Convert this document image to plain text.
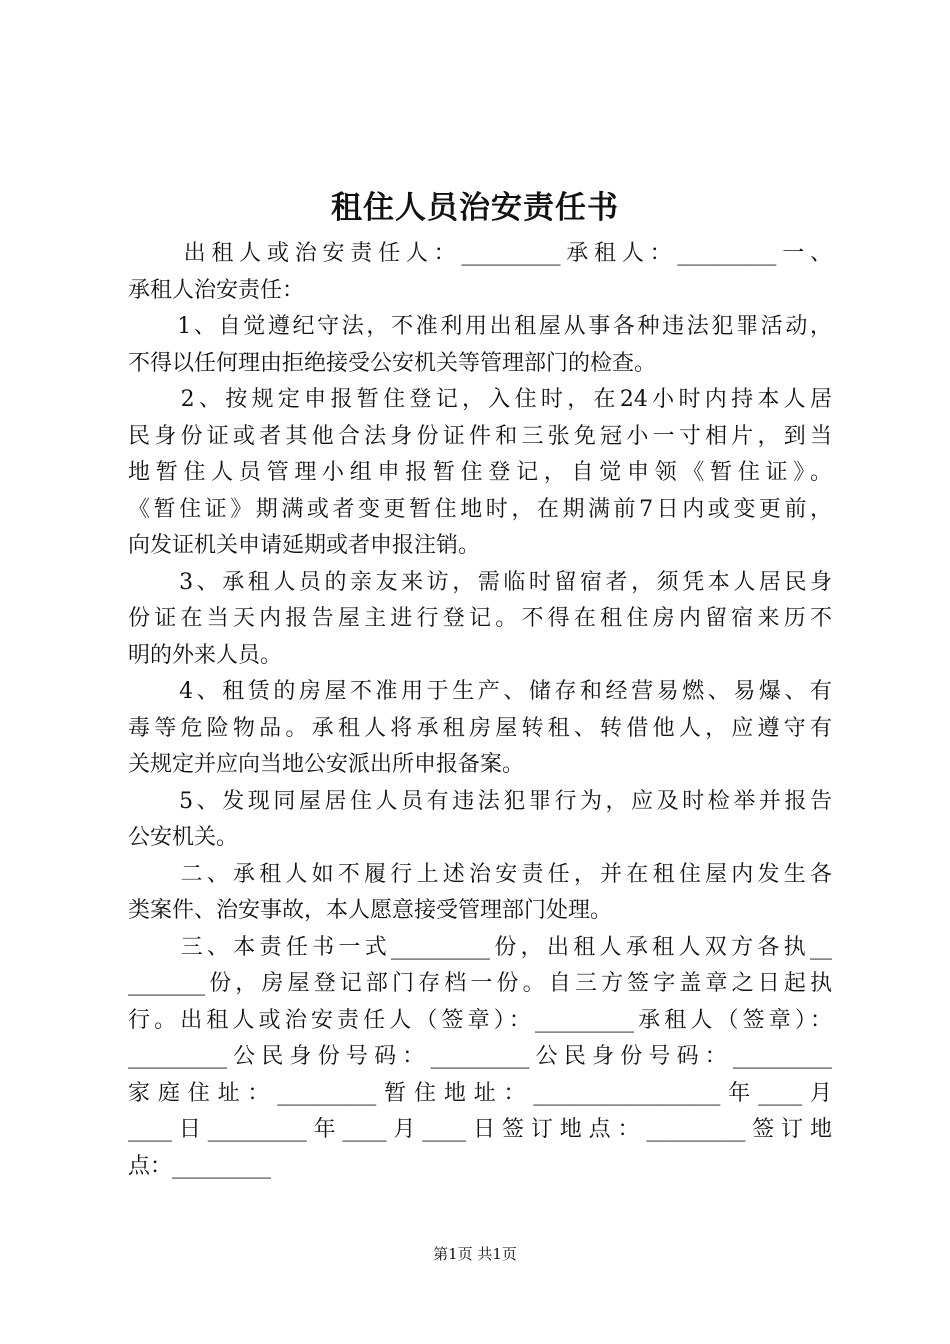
租住人员治安责任书
　　出租人或治安责任人：_________承租人：_________一、
承租人治安责任：
　　1、自觉遵纪守法，不准利用出租屋从事各种违法犯罪活动，
不得以任何理由拒绝接受公安机关等管理部门的检查。
　　2、按规定申报暂住登记，入住时，在24小时内持本人居
民身份证或者其他合法身份证件和三张免冠小一寸相片，到当
地暂住人员管理小组申报暂住登记，自觉申领《暂住证》。
《暂住证》期满或者变更暂住地时，在期满前7日内或变更前，
向发证机关申请延期或者申报注销。
　　3、承租人员的亲友来访，需临时留宿者，须凭本人居民身
份证在当天内报告屋主进行登记。不得在租住房内留宿来历不
明的外来人员。
　　4、租赁的房屋不准用于生产、储存和经营易燃、易爆、有
毒等危险物品。承租人将承租房屋转租、转借他人，应遵守有
关规定并应向当地公安派出所申报备案。
　　5、发现同屋居住人员有违法犯罪行为，应及时检举并报告
公安机关。
　　二、承租人如不履行上述治安责任，并在租住屋内发生各
类案件、治安事故，本人愿意接受管理部门处理。
　　三、本责任书一式_________份，出租人承租人双方各执__
_______份，房屋登记部门存档一份。自三方签字盖章之日起执
行。出租人或治安责任人（签章）：_________承租人（签章）：
_________公民身份号码：_________公民身份号码：_________
家庭住址：_________暂住地址：_________________年____月
____日_________年____月____日签订地点：_________签订地
点：_________
第1页 共1页
